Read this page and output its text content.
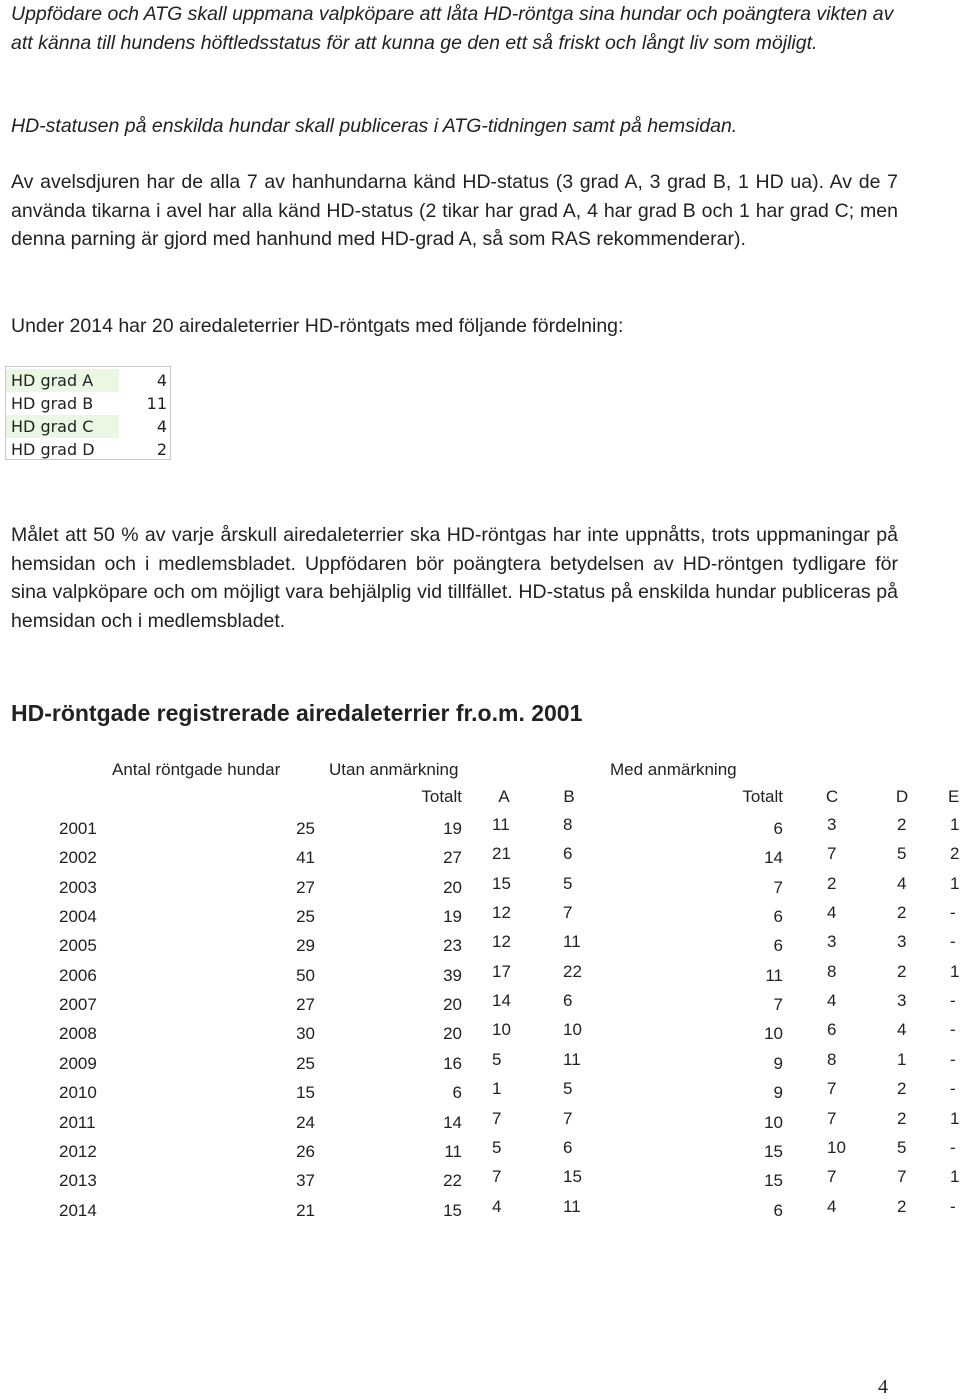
Uppfödare och ATG skall uppmana valpköpare att låta HD-röntga sina hundar och poängtera vikten av att känna till hundens höftledsstatus för att kunna ge den ett så friskt och långt liv som möjligt.

HD-statusen på enskilda hundar skall publiceras i ATG-tidningen samt på hemsidan.

Av avelsdjuren har de alla 7 av hanhundarna känd HD-status (3 grad A, 3 grad B, 1 HD ua). Av de 7 använda tikarna i avel har alla känd HD-status (2 tikar har grad A, 4 har grad B och 1 har grad C; men denna parning är gjord med hanhund med HD-grad A, så som RAS rekommenderar).

Under 2014 har 20 airedaleterrier HD-röntgats med följande fördelning:

HD grad A	4
HD grad B	11
HD grad C	4
HD grad D	2

Målet att 50 % av varje årskull airedaleterrier ska HD-röntgas har inte uppnåtts, trots uppmaningar på hemsidan och i medlemsbladet. Uppfödaren bör poängtera betydelsen av HD-röntgen tydligare för sina valpköpare och om möjligt vara behjälplig vid tillfället. HD-status på enskilda hundar publiceras på hemsidan och i medlemsbladet.

HD-röntgade registrerade airedaleterrier fr.o.m. 2001
Antal röntgade hundar	Utan anmärkning	Med anmärkning
Totalt	A	B	Totalt	C	D	E
2001	25	19 11	8	6	3	2	1
2002	41	27 21	6	14	7	5	2
2003	27	20 15	5	7	2	4	1
2004	25	19 12	7	6	4	2	-
2005	29	23 12	11	6	3	3	-
2006	50	39 17	22	11	8	2	1
2007	27	20 14	6	7	4	3	-
2008	30	20 10	10	10	6	4	-
2009	25	16 5	11	9	8	1	-
2010	15	6 1	5	9	7	2	-
2011	24	14 7	7	10	7	2	1
2012	26	11 5	6	15	10	5	-
2013	37	22 7	15	15	7	7	1
2014	21	15 4	11	6	4	2	-
4
